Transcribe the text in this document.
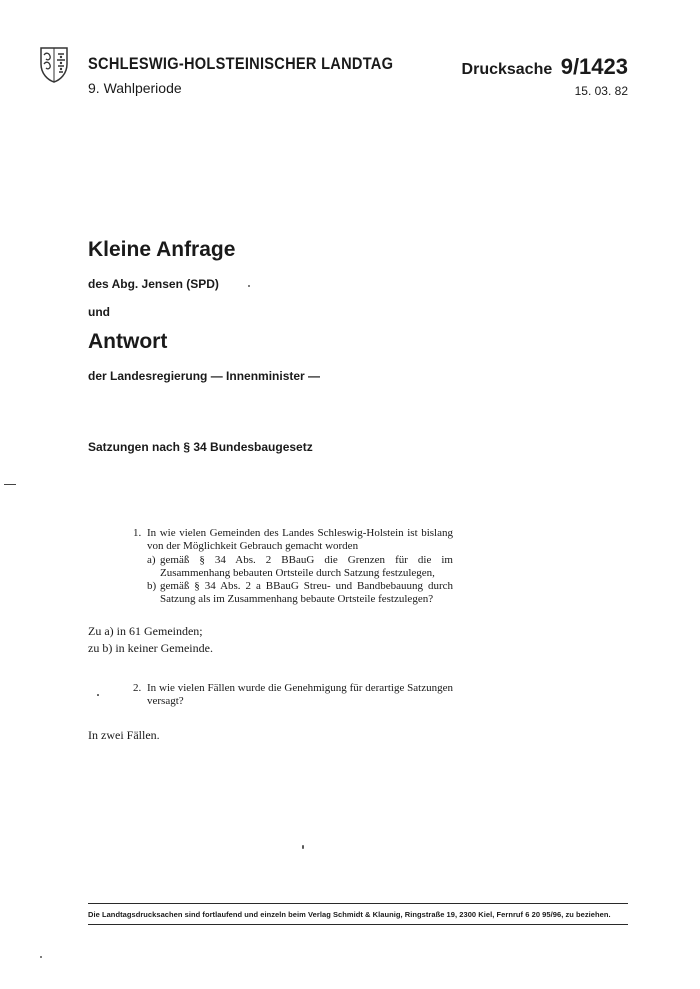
SCHLESWIG-HOLSTEINISCHER LANDTAG
9. Wahlperiode
Drucksache 9/1423
15. 03. 82
Kleine Anfrage
des Abg. Jensen (SPD)
und
Antwort
der Landesregierung — Innenminister —
Satzungen nach § 34 Bundesbaugesetz
1. In wie vielen Gemeinden des Landes Schleswig-Holstein ist bislang von der Möglichkeit Gebrauch gemacht worden
a) gemäß § 34 Abs. 2 BBauG die Grenzen für die im Zusammenhang bebauten Ortsteile durch Satzung festzulegen,
b) gemäß § 34 Abs. 2 a BBauG Streu- und Bandbebauung durch Satzung als im Zusammenhang bebaute Ortsteile festzulegen?
Zu a) in 61 Gemeinden;
zu b) in keiner Gemeinde.
2. In wie vielen Fällen wurde die Genehmigung für derartige Satzungen versagt?
In zwei Fällen.
Die Landtagsdrucksachen sind fortlaufend und einzeln beim Verlag Schmidt & Klaunig, Ringstraße 19, 2300 Kiel, Fernruf 6 20 95/96, zu beziehen.
